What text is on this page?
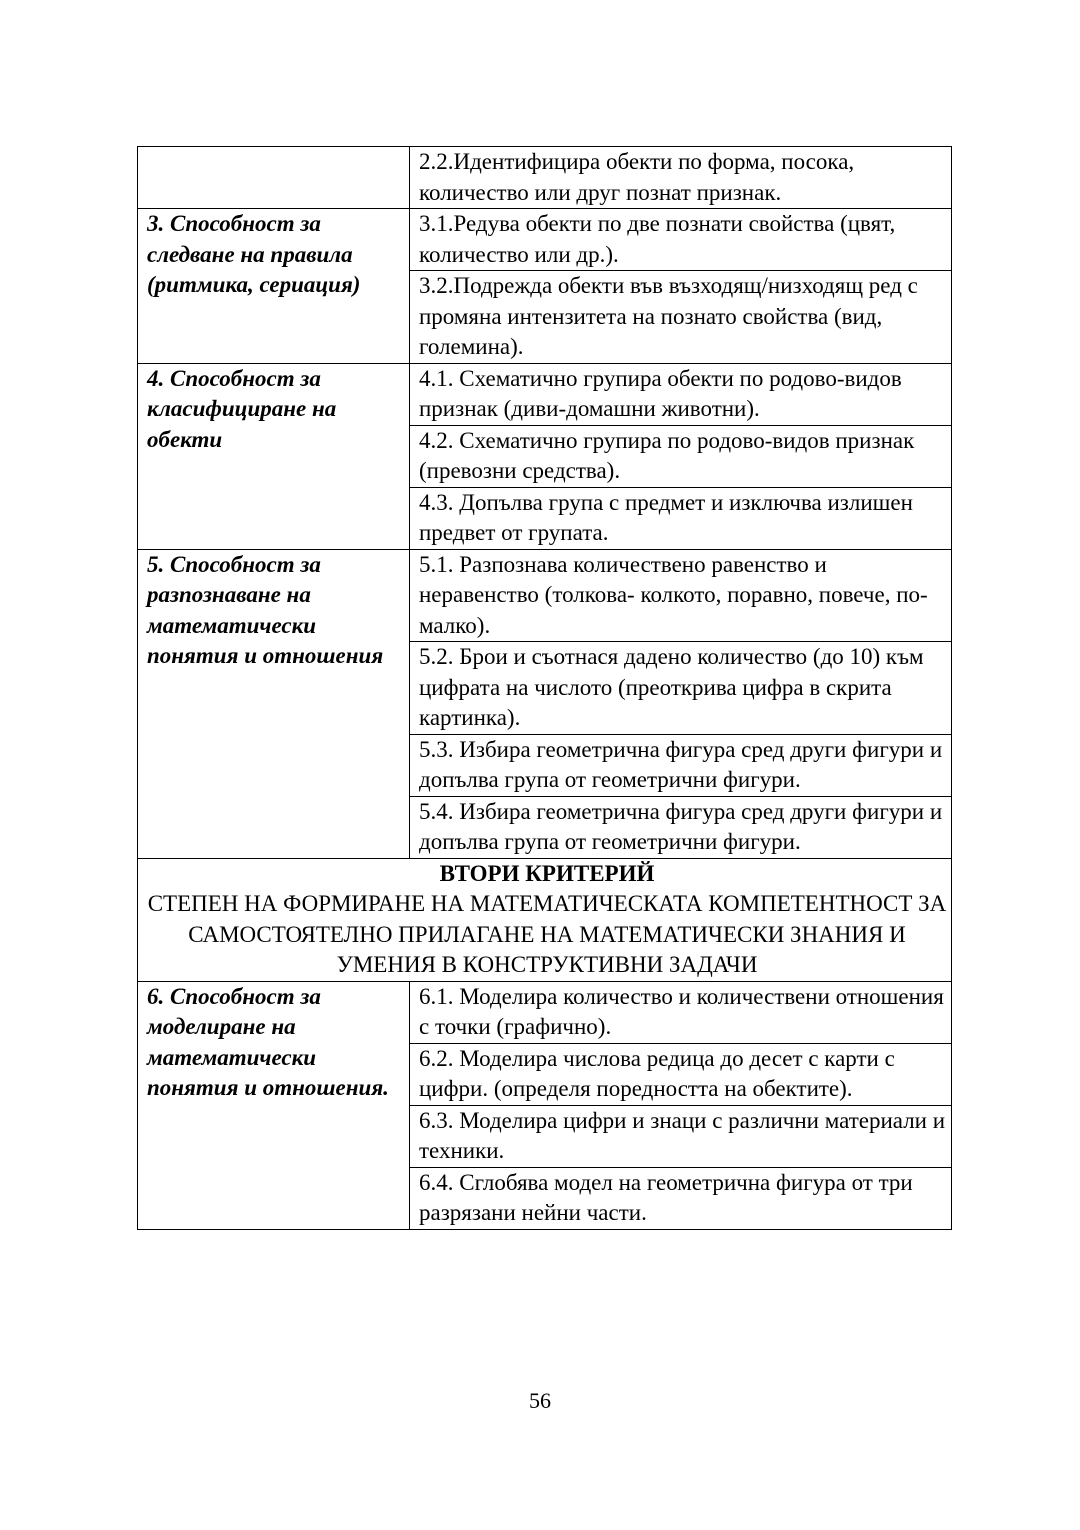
	2.2.Идентифицира обекти по форма, посока, количество или друг познат признак.
3. Способност за следване на правила (ритмика, сериация)	3.1.Редува обекти по две познати свойства (цвят, количество или др.).
	3.2.Подрежда обекти във възходящ/низходящ ред с промяна интензитета на познато свойства (вид, големина).
4. Способност за класифициране на обекти	4.1. Схематично групира обекти по родово-видов признак (диви-домашни животни).
	4.2. Схематично групира по родово-видов признак (превозни средства).
	4.3. Допълва група с предмет и изключва излишен предвет от групата.
5. Способност за разпознаване на математически понятия и отношения	5.1. Разпознава количествено равенство и неравенство (толкова- колкото, поравно, повече, по-малко).
	5.2. Брои и съотнася дадено количество (до 10) към цифрата на числото (преоткрива цифра в скрита картинка).
	5.3. Избира геометрична фигура сред други фигури и допълва група от геометрични фигури.
	5.4. Избира геометрична фигура сред други фигури и допълва група от геометрични фигури.

ВТОРИ КРИТЕРИЙ
СТЕПЕН НА ФОРМИРАНЕ НА МАТЕМАТИЧЕСКАТА КОМПЕТЕНТНОСТ ЗА САМОСТОЯТЕЛНО ПРИЛАГАНЕ НА МАТЕМАТИЧЕСКИ ЗНАНИЯ И УМЕНИЯ В КОНСТРУКТИВНИ ЗАДАЧИ	

6. Способност за моделиране на математически понятия и отношения.	6.1. Моделира количество и количествени отношения с точки (графично).
	6.2. Моделира числова редица до десет с карти с цифри. (определя поредността на обектите).
	6.3. Моделира цифри и знаци с различни материали и техники.
	6.4. Сглобява модел на геометрична фигура от три разрязани нейни части.
56
